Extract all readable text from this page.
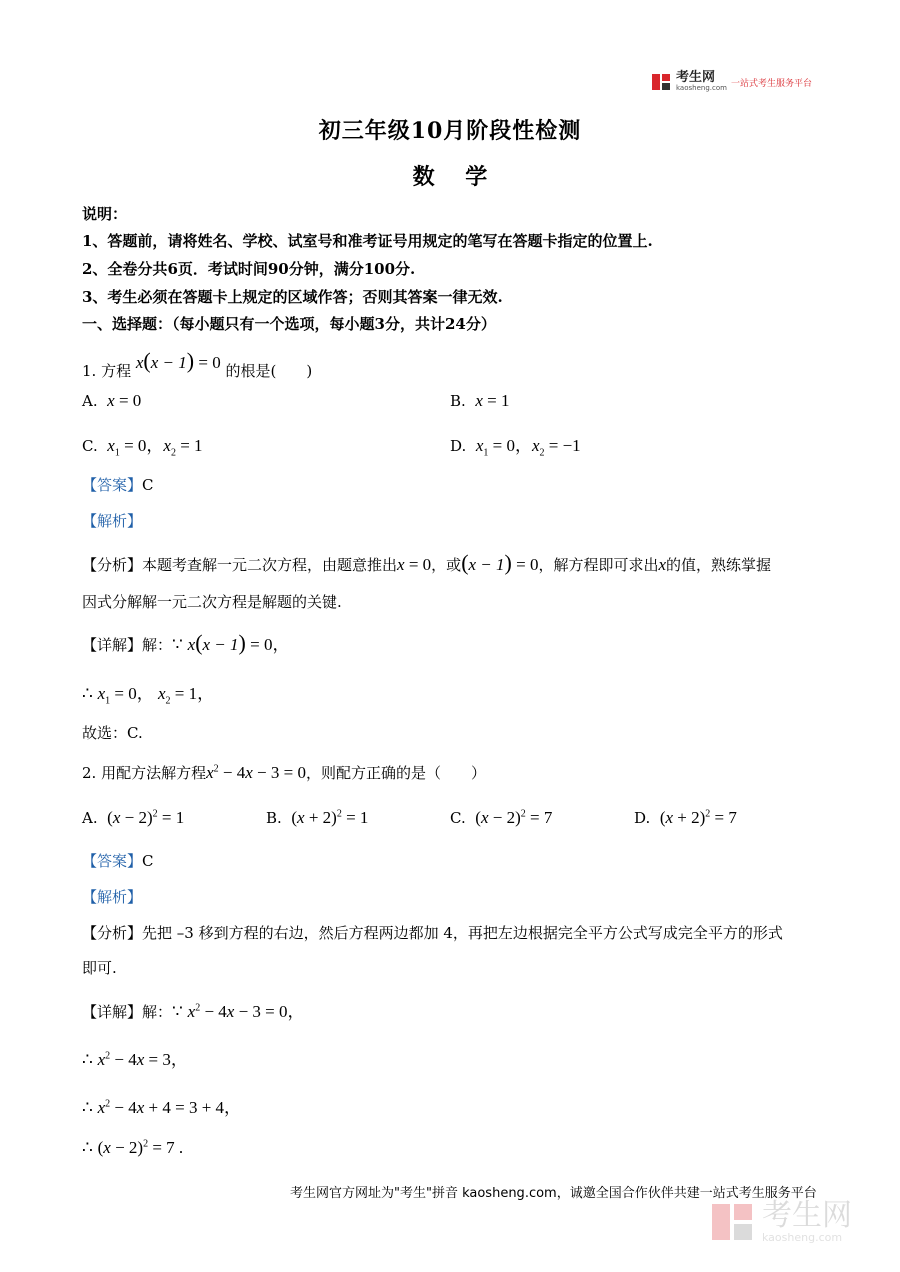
考生网
kaosheng.com 一站式考生服务平台
初三年级10月阶段性检测
数    学
说明：
1、答题前，请将姓名、学校、试室号和准考证号用规定的笔写在答题卡指定的位置上.
2、全卷分共6页．考试时间90分钟，满分100分.
3、考生必须在答题卡上规定的区域作答；否则其答案一律无效.
一、选择题：（每小题只有一个选项，每小题3分，共计24分）
1. 方程 x(x − 1) = 0 的根是(　　)
A. x = 0	B. x = 1
C. $x_1 = 0$，$x_2 = 1$	D. $x_1 = 0$，$x_2 = -1$
【答案】C
【解析】
【分析】本题考查解一元二次方程，由题意推出x = 0，或(x − 1) = 0，解方程即可求出x的值，熟练掌握
因式分解解一元二次方程是解题的关键.
【详解】解：∵ x(x − 1) = 0，
∴ $x_1 = 0$， $x_2 = 1$，
故选：C.
2. 用配方法解方程$x^2 - 4x - 3 = 0$，则配方正确的是（　　）
A. $(x - 2)^2 = 1$	B. $(x + 2)^2 = 1$	C. $(x - 2)^2 = 7$	D. $(x + 2)^2 = 7$
【答案】C
【解析】
【分析】先把 –3 移到方程的右边，然后方程两边都加 4，再把左边根据完全平方公式写成完全平方的形式
即可.
【详解】解：∵ $x^2 - 4x - 3 = 0$，
∴ $x^2 - 4x = 3$，
∴ $x^2 - 4x + 4 = 3 + 4$，
∴ $(x - 2)^2 = 7$ .
考生网官方网址为"考生"拼音 kaosheng.com，诚邀全国合作伙伴共建一站式考生服务平台
考生网
kaosheng.com
